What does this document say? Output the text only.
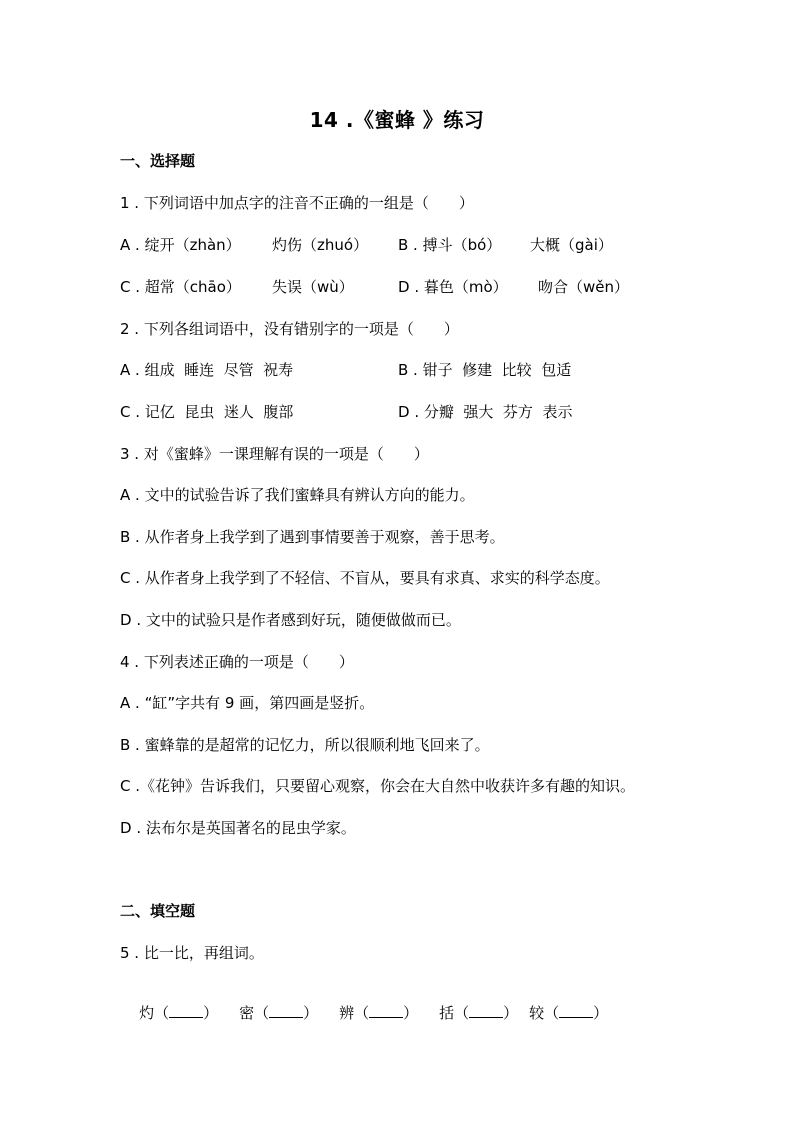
14 .《蜜蜂 》练习
一、选择题
1 . 下列词语中加点字的注音不正确的一组是（　　）
A . 绽开（zhàn） 灼伤（zhuó） B . 搏斗（bó） 大概（gài）
C . 超常（chāo） 失误（wù）	D . 暮色（mò） 吻合（wěn）
2 . 下列各组词语中，没有错别字的一项是（　　）
A . 组成  睡连  尽管  祝寿	B . 钳子  修建  比较  包适
C . 记亿  昆虫  迷人  腹部	D . 分瓣  强大  芬方  表示
3 . 对《蜜蜂》一课理解有误的一项是（　　）
A . 文中的试验告诉了我们蜜蜂具有辨认方向的能力。
B . 从作者身上我学到了遇到事情要善于观察，善于思考。
C . 从作者身上我学到了不轻信、不盲从，要具有求真、求实的科学态度。
D . 文中的试验只是作者感到好玩，随便做做而已。
4 . 下列表述正确的一项是（　　）
A . “缸”字共有 9 画，第四画是竖折。
B . 蜜蜂靠的是超常的记忆力，所以很顺利地飞回来了。
C .《花钟》告诉我们，只要留心观察，你会在大自然中收获许多有趣的知识。
D . 法布尔是英国著名的昆虫学家。
二、填空题
5 . 比一比，再组词。

灼（ ）
	密（ ）
	辨（ ）
	括（ ）
较（ ）
